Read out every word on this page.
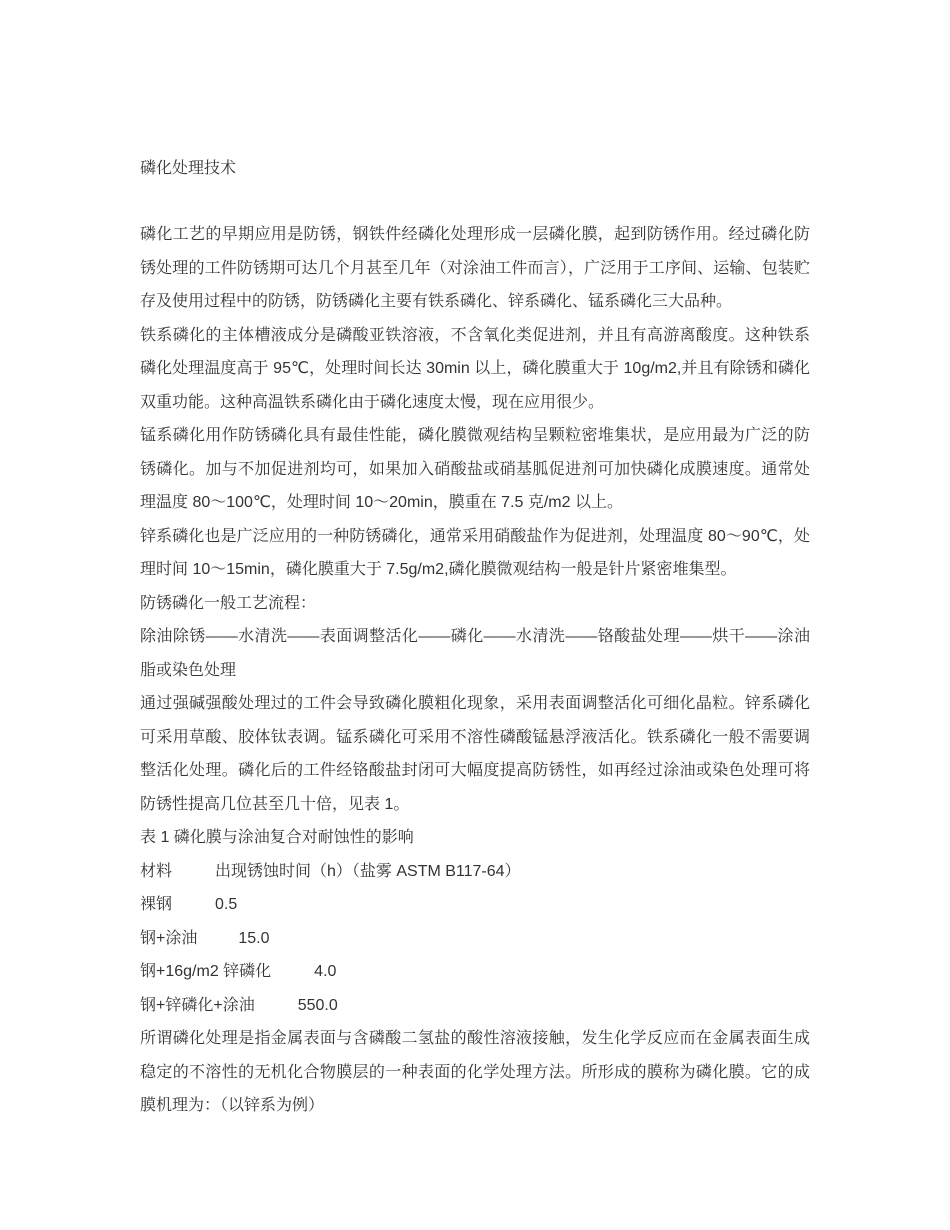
磷化处理技术

磷化工艺的早期应用是防锈，钢铁件经磷化处理形成一层磷化膜，起到防锈作用。经过磷化防锈处理的工件防锈期可达几个月甚至几年（对涂油工件而言），广泛用于工序间、运输、包装贮存及使用过程中的防锈，防锈磷化主要有铁系磷化、锌系磷化、锰系磷化三大品种。

铁系磷化的主体槽液成分是磷酸亚铁溶液，不含氧化类促进剂，并且有高游离酸度。这种铁系磷化处理温度高于 95℃，处理时间长达 30min 以上，磷化膜重大于 10g/m2,并且有除锈和磷化双重功能。这种高温铁系磷化由于磷化速度太慢，现在应用很少。

锰系磷化用作防锈磷化具有最佳性能，磷化膜微观结构呈颗粒密堆集状，是应用最为广泛的防锈磷化。加与不加促进剂均可，如果加入硝酸盐或硝基胍促进剂可加快磷化成膜速度。通常处理温度 80～100℃，处理时间 10～20min，膜重在 7.5 克/m2 以上。

锌系磷化也是广泛应用的一种防锈磷化，通常采用硝酸盐作为促进剂，处理温度 80～90℃，处理时间 10～15min，磷化膜重大于 7.5g/m2,磷化膜微观结构一般是针片紧密堆集型。

防锈磷化一般工艺流程：

除油除锈——水清洗——表面调整活化——磷化——水清洗——铬酸盐处理——烘干——涂油脂或染色处理

通过强碱强酸处理过的工件会导致磷化膜粗化现象，采用表面调整活化可细化晶粒。锌系磷化可采用草酸、胶体钛表调。锰系磷化可采用不溶性磷酸锰悬浮液活化。铁系磷化一般不需要调整活化处理。磷化后的工件经铬酸盐封闭可大幅度提高防锈性，如再经过涂油或染色处理可将防锈性提高几位甚至几十倍，见表 1。

表 1 磷化膜与涂油复合对耐蚀性的影响

材料	出现锈蚀时间（h）（盐雾 ASTM B117-64）
裸钢	0.5
钢+涂油	15.0
钢+16g/m2 锌磷化	4.0
钢+锌磷化+涂油	550.0

所谓磷化处理是指金属表面与含磷酸二氢盐的酸性溶液接触，发生化学反应而在金属表面生成稳定的不溶性的无机化合物膜层的一种表面的化学处理方法。所形成的膜称为磷化膜。它的成膜机理为：（以锌系为例）
